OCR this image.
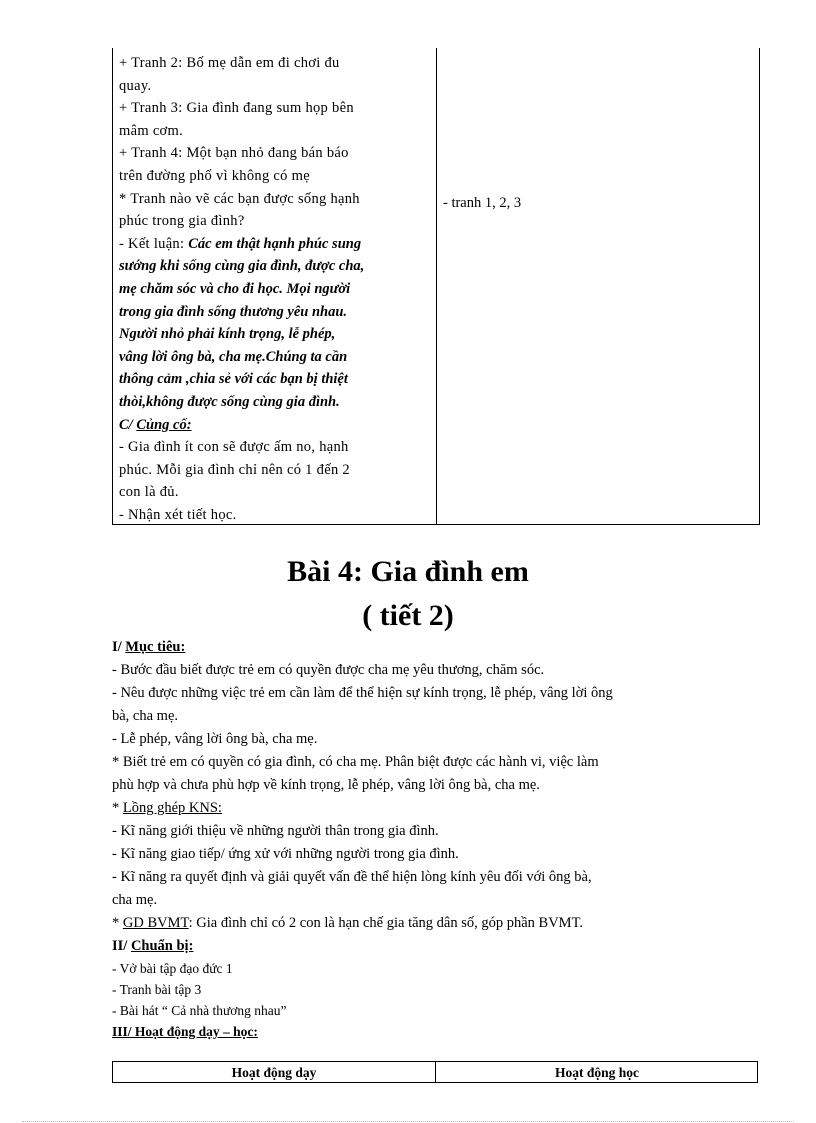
+ Tranh 2: Bố mẹ dẫn em đi chơi đu

quay.

+ Tranh 3: Gia đình đang sum họp bên

mâm cơm.

+ Tranh 4: Một bạn nhỏ đang bán báo

trên đường phố vì không có mẹ

* Tranh nào vẽ các bạn được sống hạnh

phúc trong gia đình?

- Kết luận: Các em thật hạnh phúc sung

sướng khi sống cùng gia đình, được cha,

mẹ chăm sóc và cho đi học. Mọi người

trong gia đình sống thương yêu nhau.

Người nhỏ phải kính trọng, lễ phép,

vâng lời ông bà, cha mẹ.Chúng ta cần

thông cảm ,chia sẻ với các bạn bị thiệt

thòi,không được sống cùng gia đình.

C/ Củng cố:

- Gia đình ít con sẽ được ấm no, hạnh

phúc. Mỗi gia đình chỉ nên có 1 đến 2

con là đủ.

- Nhận xét tiết học.

- tranh 1, 2, 3
Bài 4: Gia đình em
( tiết 2)

I/ Mục tiêu:

- Bước đầu biết được trẻ em có quyền được cha mẹ yêu thương, chăm sóc.

- Nêu được những việc trẻ em cần làm để thể hiện sự kính trọng, lễ phép, vâng lời ông

bà, cha mẹ.

- Lễ phép, vâng lời ông bà, cha mẹ.

* Biết trẻ em có quyền có gia đình, có cha mẹ. Phân biệt được các hành vi, việc làm

phù hợp và chưa phù hợp về kính trọng, lễ phép, vâng lời ông bà, cha mẹ.

* Lồng ghép KNS:

- Kĩ năng giới thiệu về những người thân trong gia đình.

- Kĩ năng giao tiếp/ ứng xử với những người trong gia đình.

- Kĩ năng ra quyết định và giải quyết vấn đề thể hiện lòng kính yêu đối với ông bà,

cha mẹ.

* GD BVMT: Gia đình chỉ có 2 con là hạn chế gia tăng dân số, góp phần BVMT.

II/ Chuẩn bị:

- Vở bài tập đạo đức 1

- Tranh bài tập 3

- Bài hát “ Cả nhà thương nhau”

III/ Hoạt động dạy – học:

Hoạt động dạy	Hoạt động học
